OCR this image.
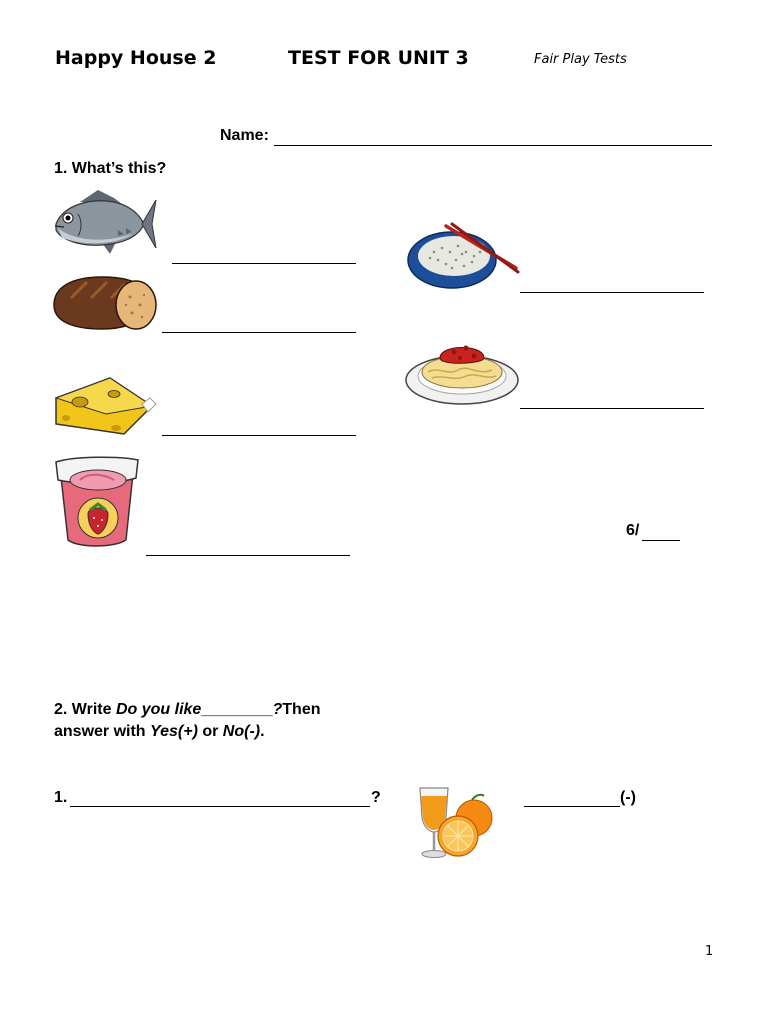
Happy House 2	TEST FOR UNIT 3	Fair Play Tests
Name:
1. What’s this?
6/
2. Write Do you like________?Then
answer with Yes(+) or No(-).
1.	?	(-)
1
